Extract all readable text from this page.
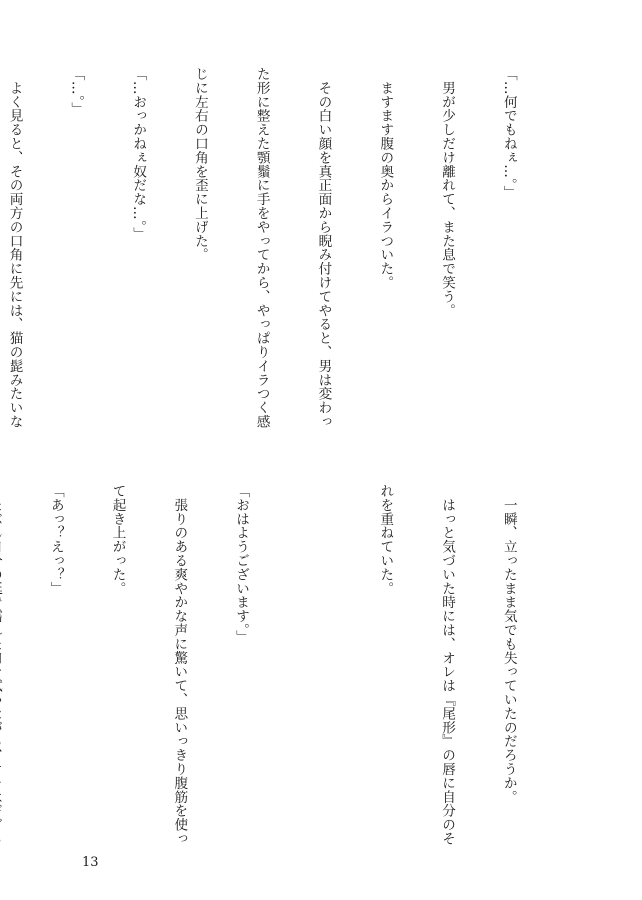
「…何でもねぇ…。」

　男が少しだけ離れて、また息で笑う。

　ますます腹の奥からイラついた。

　その白い顔を真正面から睨み付けてやると、男は変わっ

た形に整えた顎鬚に手をやってから、やっぱりイラつく感

じに左右の口角を歪に上げた。

「…おっかねぇ奴だな…。」

「…。」

　よく見ると、その両方の口角に先には、猫の髭みたいな

　一瞬、立ったまま気でも失っていたのだろうか。

　はっと気づいた時には、オレは『尾形』の唇に自分のそ

れを重ねていた。

「おはようございます。」

　張りのある爽やかな声に驚いて、思いっきり腹筋を使っ

て起き上がった。

「あっ？えっ？」

13
